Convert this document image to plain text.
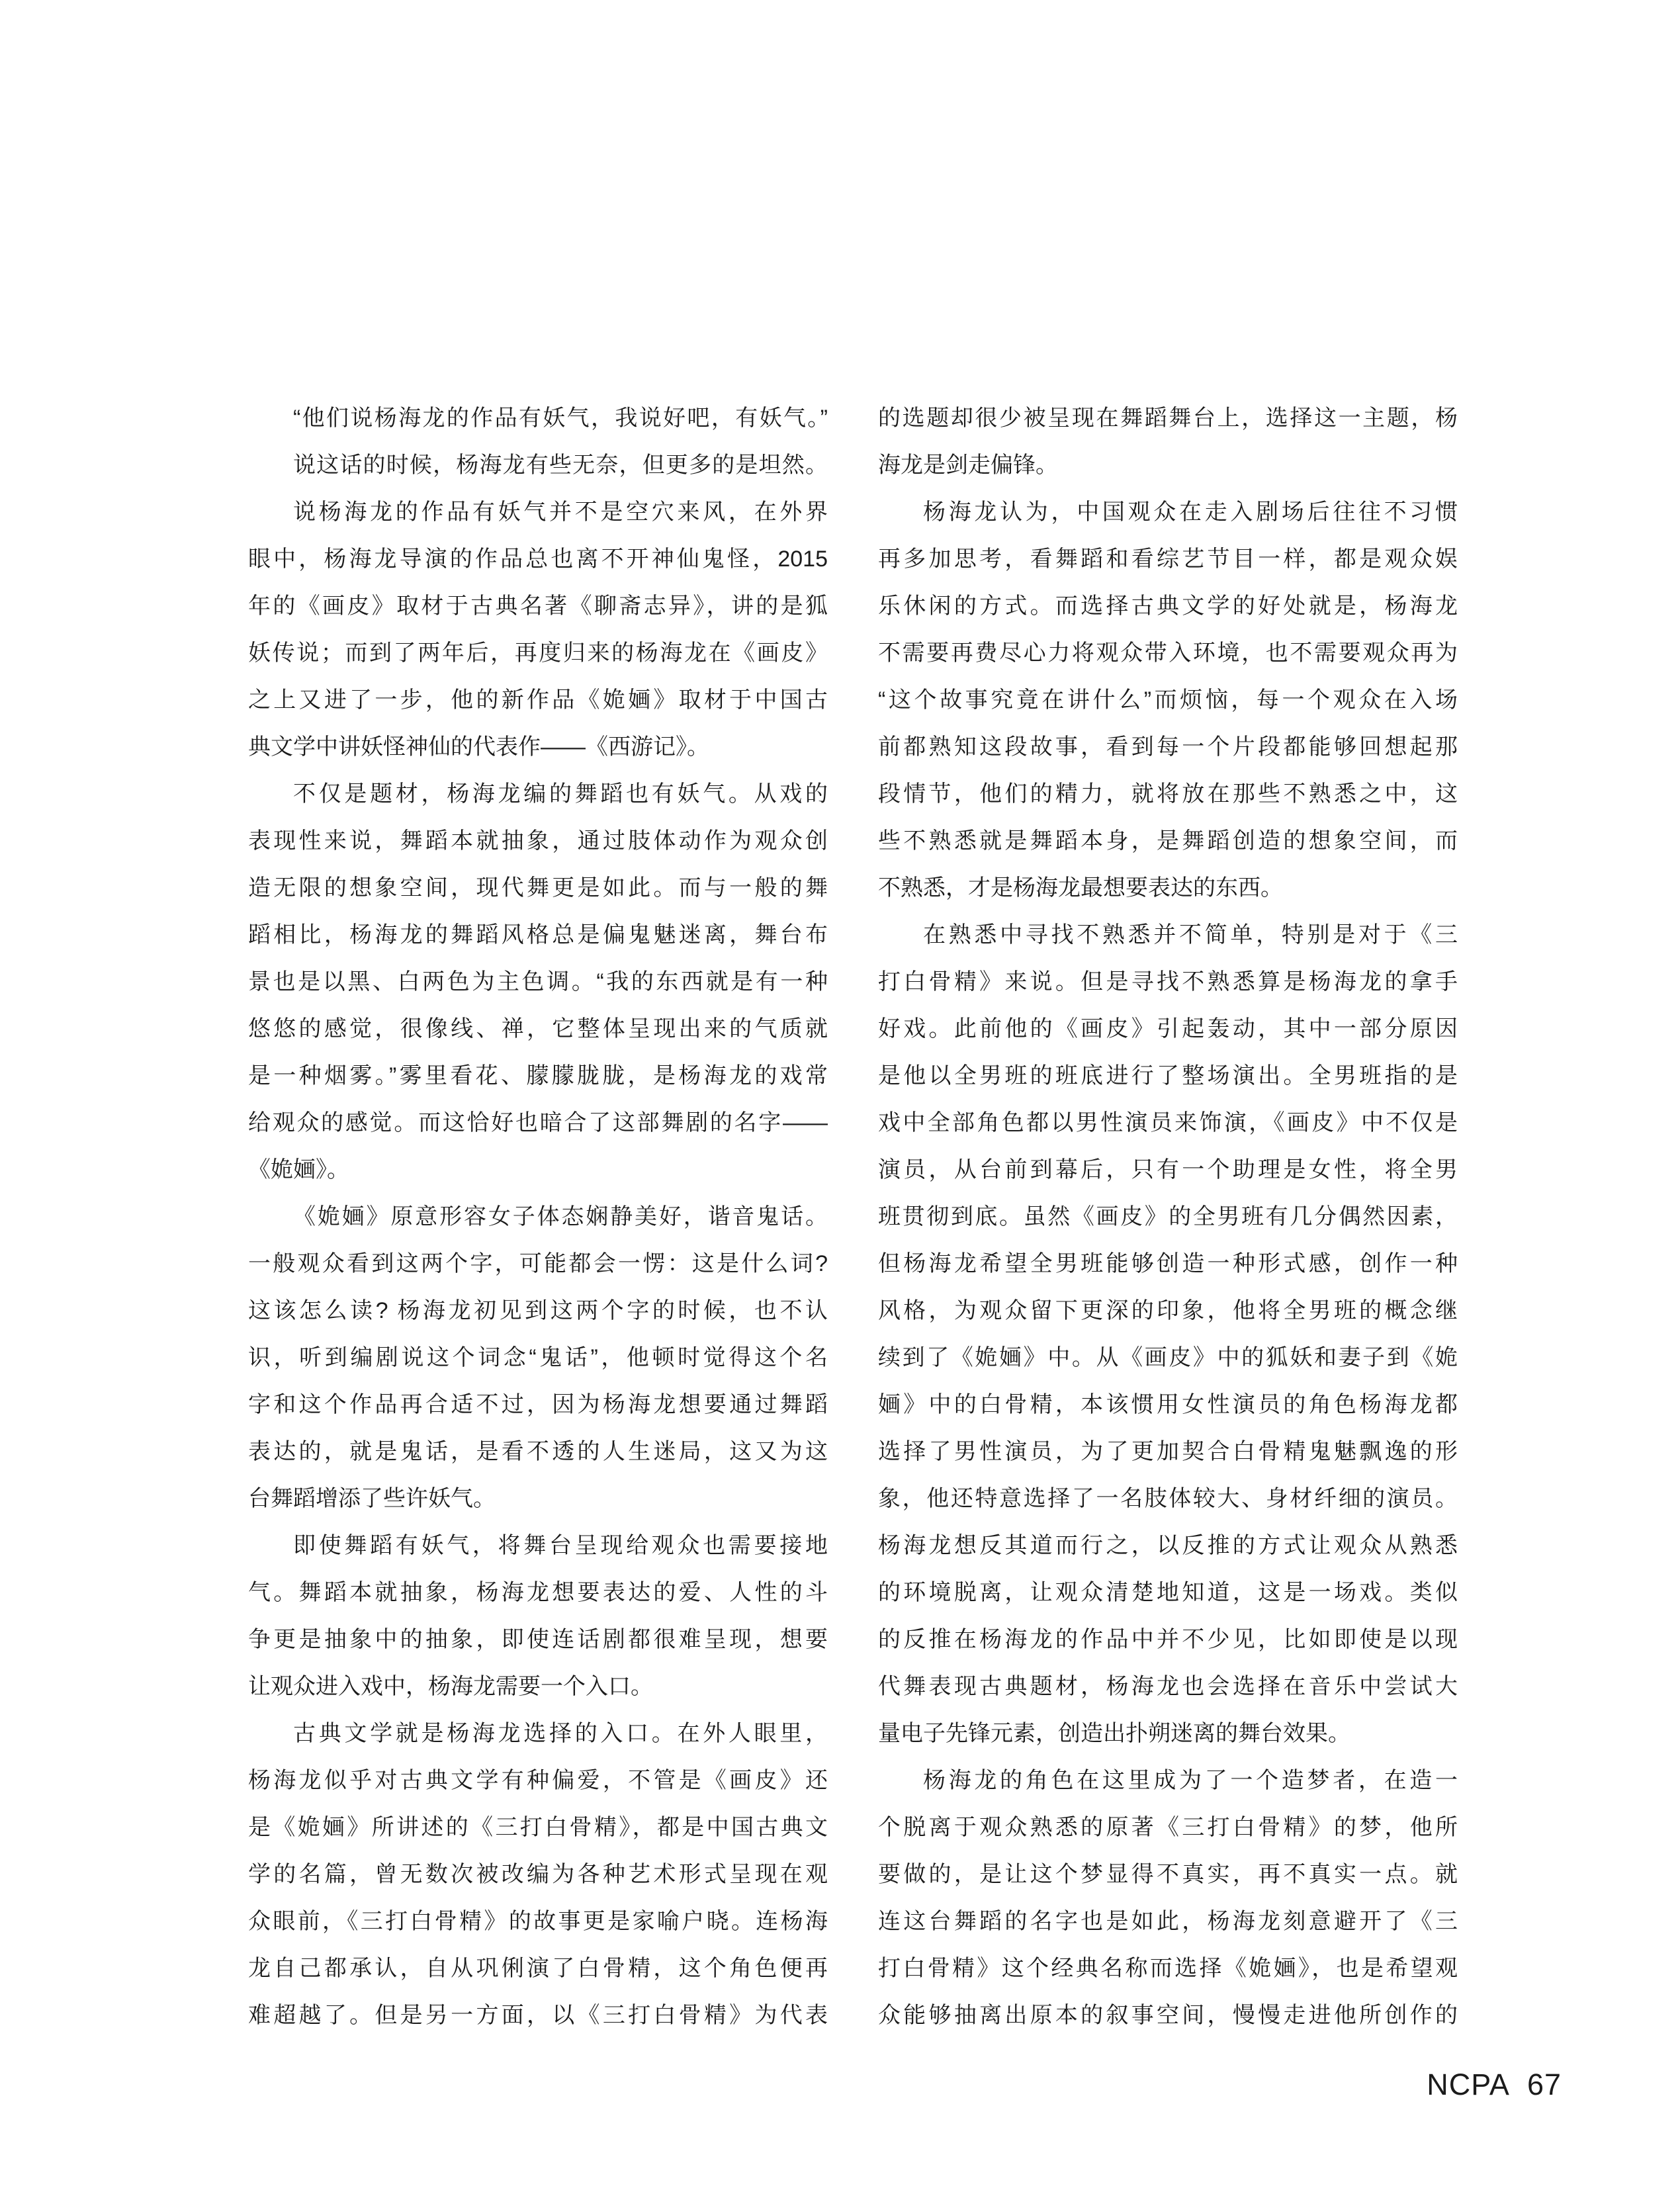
“他们说杨海龙的作品有妖气，我说好吧，有妖气。”
说这话的时候，杨海龙有些无奈，但更多的是坦然。
说杨海龙的作品有妖气并不是空穴来风，在外界
眼中，杨海龙导演的作品总也离不开神仙鬼怪，2015
年的《画皮》取材于古典名著《聊斋志异》，讲的是狐
妖传说；而到了两年后，再度归来的杨海龙在《画皮》
之上又进了一步，他的新作品《姽婳》取材于中国古
典文学中讲妖怪神仙的代表作——《西游记》。
不仅是题材，杨海龙编的舞蹈也有妖气。从戏的
表现性来说，舞蹈本就抽象，通过肢体动作为观众创
造无限的想象空间，现代舞更是如此。而与一般的舞
蹈相比，杨海龙的舞蹈风格总是偏鬼魅迷离，舞台布
景也是以黑、白两色为主色调。“我的东西就是有一种
悠悠的感觉，很像线、禅，它整体呈现出来的气质就
是一种烟雾。”雾里看花、朦朦胧胧，是杨海龙的戏常
给观众的感觉。而这恰好也暗合了这部舞剧的名字——
《姽婳》。
《姽婳》原意形容女子体态娴静美好，谐音鬼话。
一般观众看到这两个字，可能都会一愣：这是什么词?
这该怎么读? 杨海龙初见到这两个字的时候，也不认
识，听到编剧说这个词念“鬼话”，他顿时觉得这个名
字和这个作品再合适不过，因为杨海龙想要通过舞蹈
表达的，就是鬼话，是看不透的人生迷局，这又为这
台舞蹈增添了些许妖气。
即使舞蹈有妖气，将舞台呈现给观众也需要接地
气。舞蹈本就抽象，杨海龙想要表达的爱、人性的斗
争更是抽象中的抽象，即使连话剧都很难呈现，想要
让观众进入戏中，杨海龙需要一个入口。
古典文学就是杨海龙选择的入口。在外人眼里，
杨海龙似乎对古典文学有种偏爱，不管是《画皮》还
是《姽婳》所讲述的《三打白骨精》，都是中国古典文
学的名篇，曾无数次被改编为各种艺术形式呈现在观
众眼前，《三打白骨精》的故事更是家喻户晓。连杨海
龙自己都承认，自从巩俐演了白骨精，这个角色便再
难超越了。但是另一方面，以《三打白骨精》为代表
的选题却很少被呈现在舞蹈舞台上，选择这一主题，杨
海龙是剑走偏锋。
杨海龙认为，中国观众在走入剧场后往往不习惯
再多加思考，看舞蹈和看综艺节目一样，都是观众娱
乐休闲的方式。而选择古典文学的好处就是，杨海龙
不需要再费尽心力将观众带入环境，也不需要观众再为
“这个故事究竟在讲什么”而烦恼，每一个观众在入场
前都熟知这段故事，看到每一个片段都能够回想起那
段情节，他们的精力，就将放在那些不熟悉之中，这
些不熟悉就是舞蹈本身，是舞蹈创造的想象空间，而
不熟悉，才是杨海龙最想要表达的东西。
在熟悉中寻找不熟悉并不简单，特别是对于《三
打白骨精》来说。但是寻找不熟悉算是杨海龙的拿手
好戏。此前他的《画皮》引起轰动，其中一部分原因
是他以全男班的班底进行了整场演出。全男班指的是
戏中全部角色都以男性演员来饰演，《画皮》中不仅是
演员，从台前到幕后，只有一个助理是女性，将全男
班贯彻到底。虽然《画皮》的全男班有几分偶然因素，
但杨海龙希望全男班能够创造一种形式感，创作一种
风格，为观众留下更深的印象，他将全男班的概念继
续到了《姽婳》中。从《画皮》中的狐妖和妻子到《姽
婳》中的白骨精，本该惯用女性演员的角色杨海龙都
选择了男性演员，为了更加契合白骨精鬼魅飘逸的形
象，他还特意选择了一名肢体较大、身材纤细的演员。
杨海龙想反其道而行之，以反推的方式让观众从熟悉
的环境脱离，让观众清楚地知道，这是一场戏。类似
的反推在杨海龙的作品中并不少见，比如即使是以现
代舞表现古典题材，杨海龙也会选择在音乐中尝试大
量电子先锋元素，创造出扑朔迷离的舞台效果。
杨海龙的角色在这里成为了一个造梦者，在造一
个脱离于观众熟悉的原著《三打白骨精》的梦，他所
要做的，是让这个梦显得不真实，再不真实一点。就
连这台舞蹈的名字也是如此，杨海龙刻意避开了《三
打白骨精》这个经典名称而选择《姽婳》，也是希望观
众能够抽离出原本的叙事空间，慢慢走进他所创作的
NCPA 67
